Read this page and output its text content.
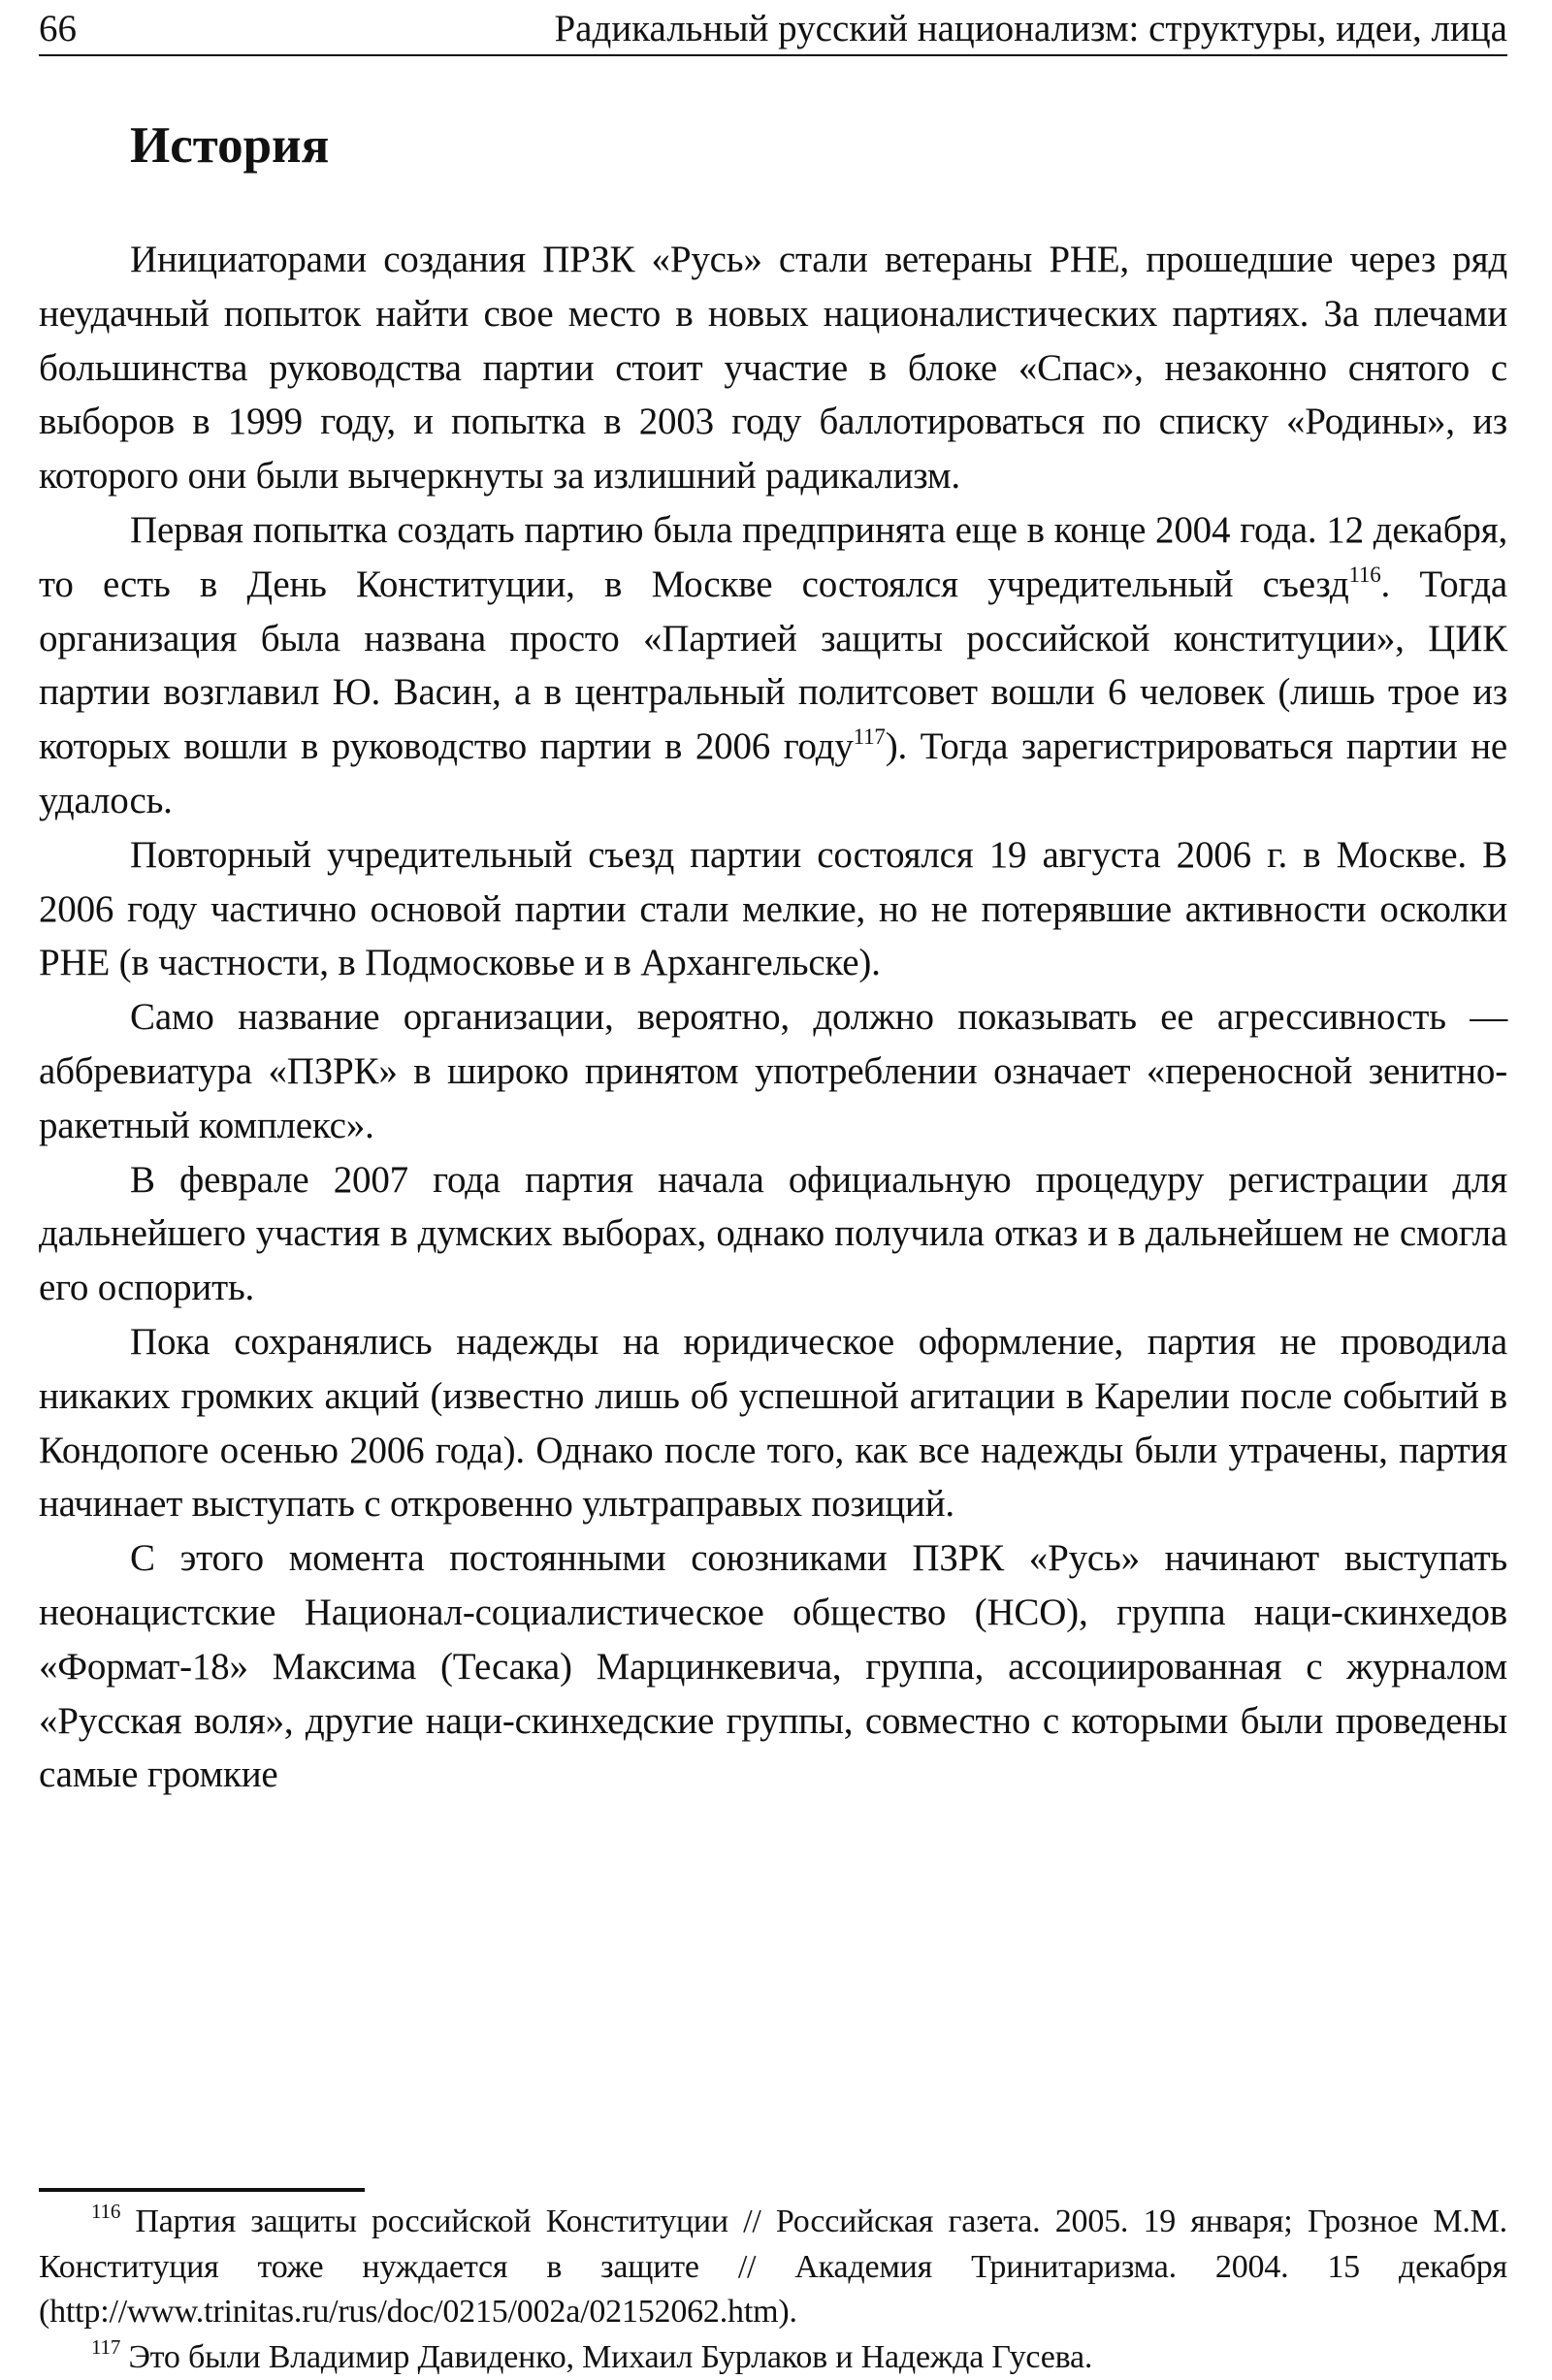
66	Радикальный русский национализм: структуры, идеи, лица
История

Инициаторами создания ПРЗК «Русь» стали ветераны РНЕ, прошедшие через ряд неудачный попыток найти свое место в новых националистических партиях. За плечами большинства руководства партии стоит участие в блоке «Спас», незаконно снятого с выборов в 1999 году, и попытка в 2003 году баллотироваться по списку «Родины», из которого они были вычеркнуты за излишний радикализм.

Первая попытка создать партию была предпринята еще в конце 2004 года. 12 декабря, то есть в День Конституции, в Москве состоялся учредительный съезд$^{116}$. Тогда организация была названа просто «Партией защиты российской конституции», ЦИК партии возглавил Ю. Васин, а в центральный политсовет вошли 6 человек (лишь трое из которых вошли в руководство партии в 2006 году$^{117}$). Тогда зарегистрироваться партии не удалось.

Повторный учредительный съезд партии состоялся 19 августа 2006 г. в Москве. В 2006 году частично основой партии стали мелкие, но не потерявшие активности осколки РНЕ (в частности, в Подмосковье и в Архангельске).

Само название организации, вероятно, должно показывать ее агрессивность — аббревиатура «ПЗРК» в широко принятом употреблении означает «переносной зенитно-ракетный комплекс».

В феврале 2007 года партия начала официальную процедуру регистрации для дальнейшего участия в думских выборах, однако получила отказ и в дальнейшем не смогла его оспорить.

Пока сохранялись надежды на юридическое оформление, партия не проводила никаких громких акций (известно лишь об успешной агитации в Карелии после событий в Кондопоге осенью 2006 года). Однако после того, как все надежды были утрачены, партия начинает выступать с откровенно ультраправых позиций.

С этого момента постоянными союзниками ПЗРК «Русь» начинают выступать неонацистские Национал-социалистическое общество (НСО), группа наци-скинхедов «Формат-18» Максима (Тесака) Марцинкевича, группа, ассоциированная с журналом «Русская воля», другие наци-скинхедские группы, совместно с которыми были проведены самые громкие

$^{116}$ Партия защиты российской Конституции // Российская газета. 2005. 19 января; Грозное М.М. Конституция тоже нуждается в защите // Академия Тринитаризма. 2004. 15 декабря (http://www.trinitas.ru/rus/doc/0215/002a/02152062.htm).

$^{117}$ Это были Владимир Давиденко, Михаил Бурлаков и Надежда Гусева.
